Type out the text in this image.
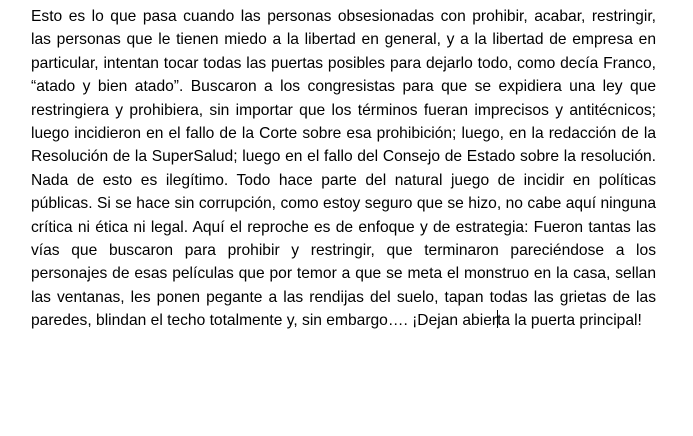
Esto es lo que pasa cuando las personas obsesionadas con prohibir, acabar, restringir,
las personas que le tienen miedo a la libertad en general, y a la libertad de empresa en
particular, intentan tocar todas las puertas posibles para dejarlo todo, como decía Franco,
“atado y bien atado”. Buscaron a los congresistas para que se expidiera una ley que
restringiera y prohibiera, sin importar que los términos fueran imprecisos y antitécnicos;
luego incidieron en el fallo de la Corte sobre esa prohibición; luego, en la redacción de la
Resolución de la SuperSalud; luego en el fallo del Consejo de Estado sobre la resolución.
Nada de esto es ilegítimo. Todo hace parte del natural juego de incidir en políticas
públicas. Si se hace sin corrupción, como estoy seguro que se hizo, no cabe aquí ninguna
crítica ni ética ni legal. Aquí el reproche es de enfoque y de estrategia: Fueron tantas las
vías que buscaron para prohibir y restringir, que terminaron pareciéndose a los
personajes de esas películas que por temor a que se meta el monstruo en la casa, sellan
las ventanas, les ponen pegante a las rendijas del suelo, tapan todas las grietas de las
paredes, blindan el techo totalmente y, sin embargo…. ¡Dejan abierta la puerta principal!
